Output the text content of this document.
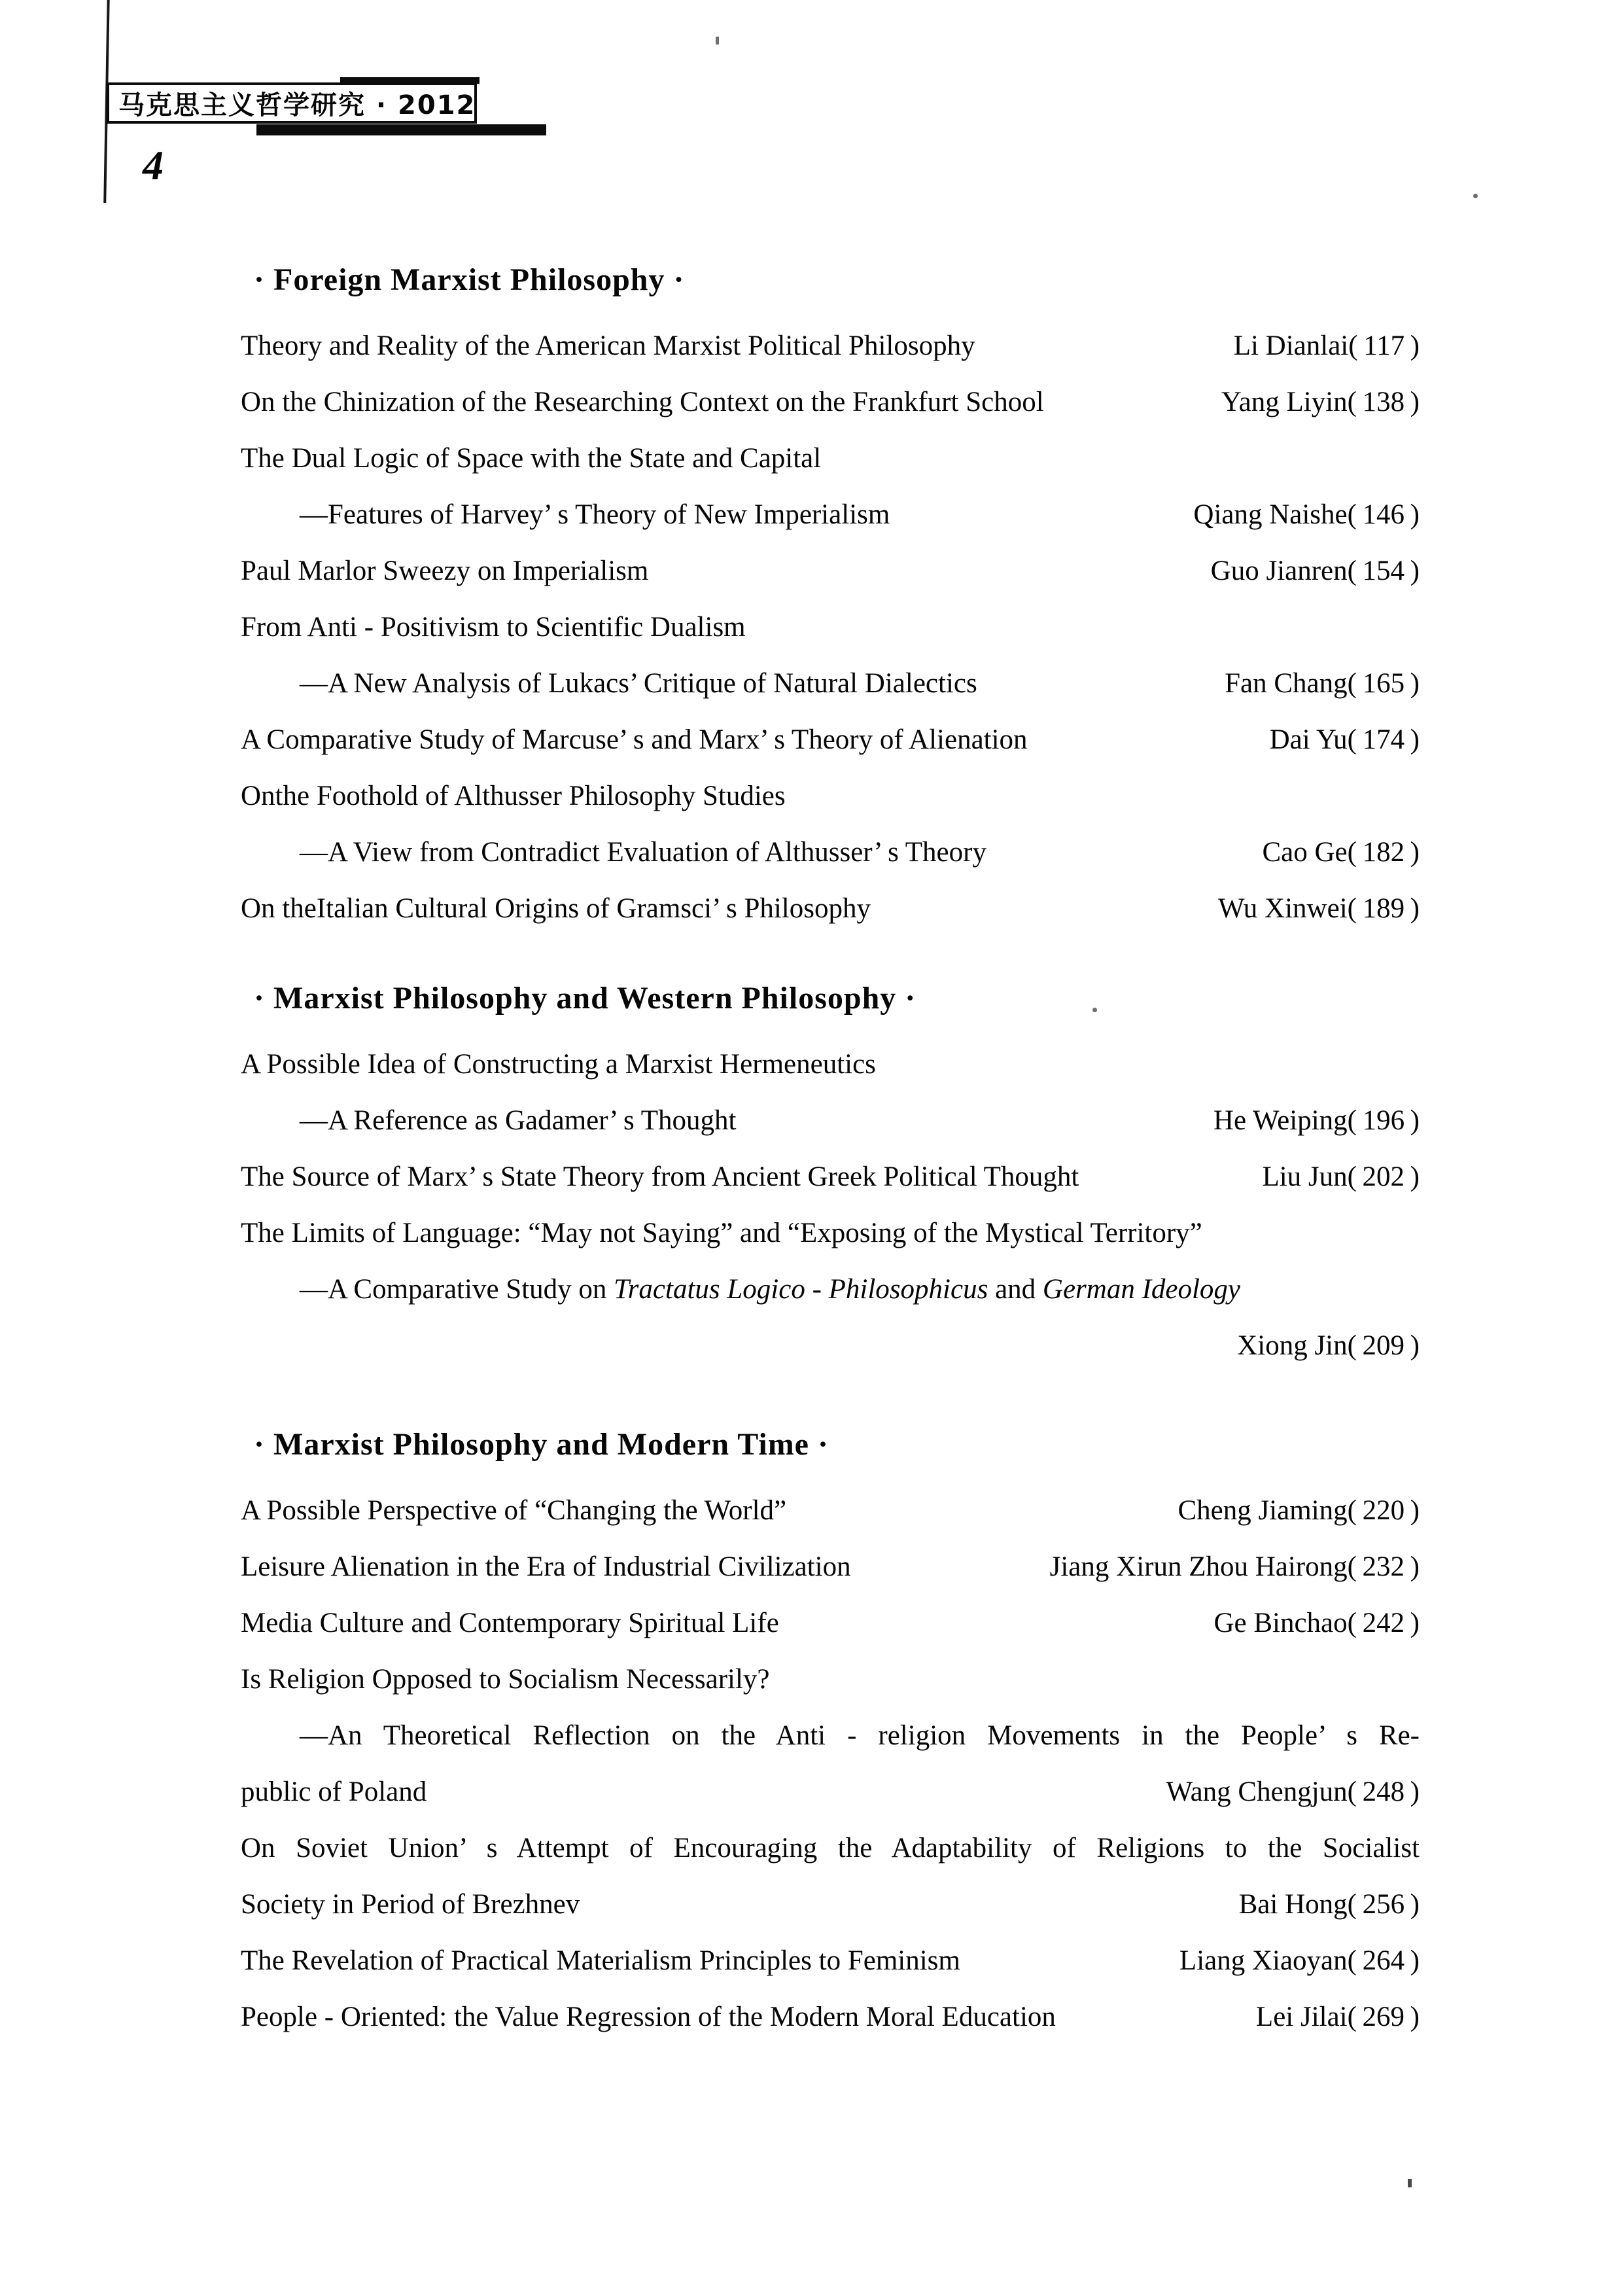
马克思主义哲学研究 · 2012
4
· Foreign Marxist Philosophy ·
Theory and Reality of the American Marxist Political Philosophy	Li Dianlai( 117 )
On the Chinization of the Researching Context on the Frankfurt School	Yang Liyin( 138 )
The Dual Logic of Space with the State and Capital
—Features of Harvey’ s Theory of New Imperialism	Qiang Naishe( 146 )
Paul Marlor Sweezy on Imperialism	Guo Jianren( 154 )
From Anti - Positivism to Scientific Dualism
—A New Analysis of Lukacs’ Critique of Natural Dialectics	Fan Chang( 165 )
A Comparative Study of Marcuse’ s and Marx’ s Theory of Alienation	Dai Yu( 174 )
Onthe Foothold of Althusser Philosophy Studies
—A View from Contradict Evaluation of Althusser’ s Theory	Cao Ge( 182 )
On theItalian Cultural Origins of Gramsci’ s Philosophy	Wu Xinwei( 189 )
· Marxist Philosophy and Western Philosophy ·
A Possible Idea of Constructing a Marxist Hermeneutics
—A Reference as Gadamer’ s Thought	He Weiping( 196 )
The Source of Marx’ s State Theory from Ancient Greek Political Thought	Liu Jun( 202 )
The Limits of Language: “May not Saying” and “Exposing of the Mystical Territory”
—A Comparative Study on Tractatus Logico - Philosophicus and German Ideology
Xiong Jin( 209 )
· Marxist Philosophy and Modern Time ·
A Possible Perspective of “Changing the World”	Cheng Jiaming( 220 )
Leisure Alienation in the Era of Industrial Civilization	Jiang Xirun Zhou Hairong( 232 )
Media Culture and Contemporary Spiritual Life	Ge Binchao( 242 )
Is Religion Opposed to Socialism Necessarily?
—An Theoretical Reflection on the Anti - religion Movements in the People’ s Re-
public of Poland	Wang Chengjun( 248 )
On Soviet Union’ s Attempt of Encouraging the Adaptability of Religions to the Socialist
Society in Period of Brezhnev	Bai Hong( 256 )
The Revelation of Practical Materialism Principles to Feminism	Liang Xiaoyan( 264 )
People - Oriented: the Value Regression of the Modern Moral Education	Lei Jilai( 269 )
